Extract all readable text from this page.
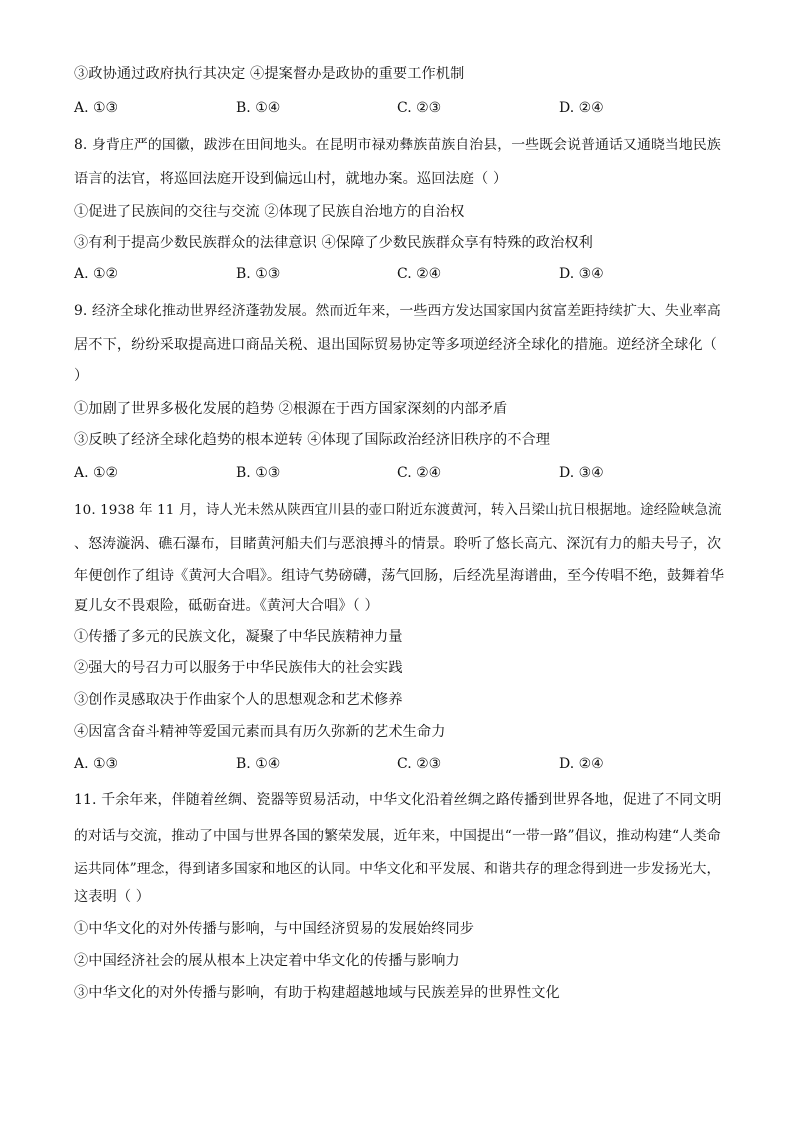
③政协通过政府执行其决定 ④提案督办是政协的重要工作机制
A. ①③	B. ①④	C. ②③	D. ②④
8. 身背庄严的国徽，跋涉在田间地头。在昆明市禄劝彝族苗族自治县，一些既会说普通话又通晓当地民族
语言的法官，将巡回法庭开设到偏远山村，就地办案。巡回法庭（ ）
①促进了民族间的交往与交流 ②体现了民族自治地方的自治权
③有利于提高少数民族群众的法律意识 ④保障了少数民族群众享有特殊的政治权利
A. ①②	B. ①③	C. ②④	D. ③④
9. 经济全球化推动世界经济蓬勃发展。然而近年来，一些西方发达国家国内贫富差距持续扩大、失业率高
居不下，纷纷采取提高进口商品关税、退出国际贸易协定等多项逆经济全球化的措施。逆经济全球化（
）
①加剧了世界多极化发展的趋势 ②根源在于西方国家深刻的内部矛盾
③反映了经济全球化趋势的根本逆转 ④体现了国际政治经济旧秩序的不合理
A. ①②	B. ①③	C. ②④	D. ③④
10. 1938 年 11 月，诗人光未然从陕西宜川县的壶口附近东渡黄河，转入吕梁山抗日根据地。途经险峡急流
、怒涛漩涡、礁石瀑布，目睹黄河船夫们与恶浪搏斗的情景。聆听了悠长高亢、深沉有力的船夫号子，次
年便创作了组诗《黄河大合唱》。组诗气势磅礴，荡气回肠，后经冼星海谱曲，至今传唱不绝，鼓舞着华
夏儿女不畏艰险，砥砺奋进。《黄河大合唱》（ ）
①传播了多元的民族文化，凝聚了中华民族精神力量
②强大的号召力可以服务于中华民族伟大的社会实践
③创作灵感取决于作曲家个人的思想观念和艺术修养
④因富含奋斗精神等爱国元素而具有历久弥新的艺术生命力
A. ①③	B. ①④	C. ②③	D. ②④
11. 千余年来，伴随着丝绸、瓷器等贸易活动，中华文化沿着丝绸之路传播到世界各地，促进了不同文明
的对话与交流，推动了中国与世界各国的繁荣发展，近年来，中国提出“一带一路”倡议，推动构建“人类命
运共同体”理念，得到诸多国家和地区的认同。中华文化和平发展、和谐共存的理念得到进一步发扬光大，
这表明（ ）
①中华文化的对外传播与影响，与中国经济贸易的发展始终同步
②中国经济社会的展从根本上决定着中华文化的传播与影响力
③中华文化的对外传播与影响，有助于构建超越地域与民族差异的世界性文化
